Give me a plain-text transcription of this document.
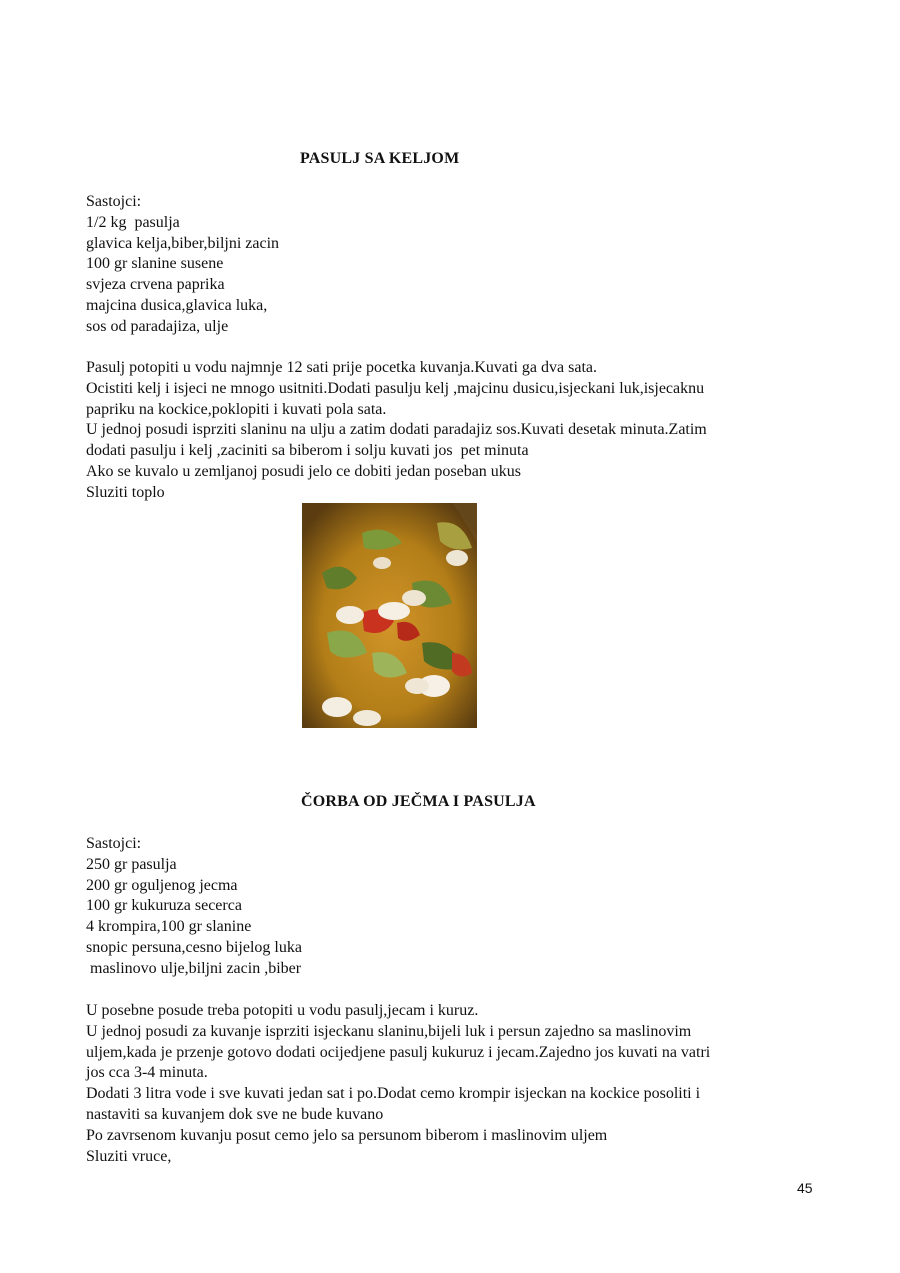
PASULJ SA KELJOM
Sastojci:
1/2 kg  pasulja
glavica kelja,biber,biljni zacin
100 gr slanine susene
svjeza crvena paprika
majcina dusica,glavica luka,
sos od paradajiza, ulje
Pasulj potopiti u vodu najmnje 12 sati prije pocetka kuvanja.Kuvati ga dva sata.
Ocistiti kelj i isjeci ne mnogo usitniti.Dodati pasulju kelj ,majcinu dusicu,isjeckani luk,isjecaknu
papriku na kockice,poklopiti i kuvati pola sata.
U jednoj posudi isprziti slaninu na ulju a zatim dodati paradajiz sos.Kuvati desetak minuta.Zatim
dodati pasulju i kelj ,zaciniti sa biberom i solju kuvati jos  pet minuta
Ako se kuvalo u zemljanoj posudi jelo ce dobiti jedan poseban ukus
Sluziti toplo
ČORBA OD JEČMA I PASULJA
Sastojci:
250 gr pasulja
200 gr oguljenog jecma
100 gr kukuruza secerca
4 krompira,100 gr slanine
snopic persuna,cesno bijelog luka
maslinovo ulje,biljni zacin ,biber
U posebne posude treba potopiti u vodu pasulj,jecam i kuruz.
U jednoj posudi za kuvanje isprziti isjeckanu slaninu,bijeli luk i persun zajedno sa maslinovim
uljem,kada je przenje gotovo dodati ocijedjene pasulj kukuruz i jecam.Zajedno jos kuvati na vatri
jos cca 3-4 minuta.
Dodati 3 litra vode i sve kuvati jedan sat i po.Dodat cemo krompir isjeckan na kockice posoliti i
nastaviti sa kuvanjem dok sve ne bude kuvano
Po zavrsenom kuvanju posut cemo jelo sa persunom biberom i maslinovim uljem
Sluziti vruce,
45
